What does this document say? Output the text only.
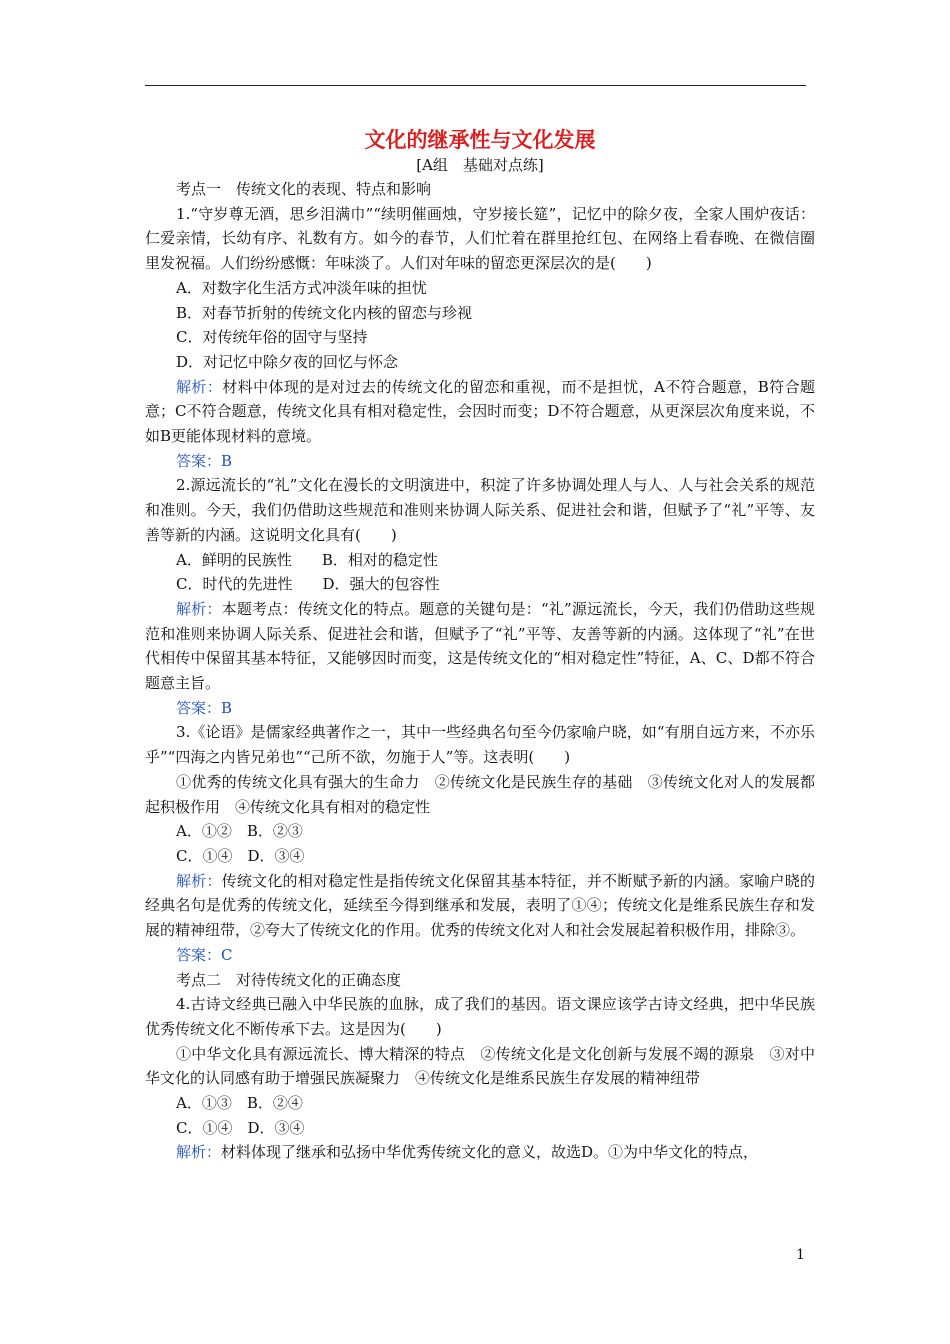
文化的继承性与文化发展
[A组　基础对点练]
考点一　传统文化的表现、特点和影响
1.“守岁尊无酒，思乡泪满巾”“续明催画烛，守岁接长筵”，记忆中的除夕夜，全家人围炉夜话：仁爱亲情，长幼有序、礼数有方。如今的春节，人们忙着在群里抢红包、在网络上看春晚、在微信圈里发祝福。人们纷纷感慨：年味淡了。人们对年味的留恋更深层次的是(　　)
A．对数字化生活方式冲淡年味的担忧
B．对春节折射的传统文化内核的留恋与珍视
C．对传统年俗的固守与坚持
D．对记忆中除夕夜的回忆与怀念
解析：材料中体现的是对过去的传统文化的留恋和重视，而不是担忧，A不符合题意，B符合题意；C不符合题意，传统文化具有相对稳定性，会因时而变；D不符合题意，从更深层次角度来说，不如B更能体现材料的意境。
答案：B
2.源远流长的“礼”文化在漫长的文明演进中，积淀了许多协调处理人与人、人与社会关系的规范和准则。今天，我们仍借助这些规范和准则来协调人际关系、促进社会和谐，但赋予了“礼”平等、友善等新的内涵。这说明文化具有(　　)
A．鲜明的民族性　　B．相对的稳定性
C．时代的先进性　　D．强大的包容性
解析：本题考点：传统文化的特点。题意的关键句是：“礼”源远流长，今天，我们仍借助这些规范和准则来协调人际关系、促进社会和谐，但赋予了“礼”平等、友善等新的内涵。这体现了“礼”在世代相传中保留其基本特征，又能够因时而变，这是传统文化的“相对稳定性”特征，A、C、D都不符合题意主旨。
答案：B
3.《论语》是儒家经典著作之一，其中一些经典名句至今仍家喻户晓，如“有朋自远方来，不亦乐乎”“四海之内皆兄弟也”“己所不欲，勿施于人”等。这表明(　　)
①优秀的传统文化具有强大的生命力　②传统文化是民族生存的基础　③传统文化对人的发展都起积极作用　④传统文化具有相对的稳定性
A．①②　B．②③
C．①④　D．③④
解析：传统文化的相对稳定性是指传统文化保留其基本特征，并不断赋予新的内涵。家喻户晓的经典名句是优秀的传统文化，延续至今得到继承和发展，表明了①④；传统文化是维系民族生存和发展的精神纽带，②夸大了传统文化的作用。优秀的传统文化对人和社会发展起着积极作用，排除③。
答案：C
考点二　对待传统文化的正确态度
4.古诗文经典已融入中华民族的血脉，成了我们的基因。语文课应该学古诗文经典，把中华民族优秀传统文化不断传承下去。这是因为(　　)
①中华文化具有源远流长、博大精深的特点　②传统文化是文化创新与发展不竭的源泉　③对中华文化的认同感有助于增强民族凝聚力　④传统文化是维系民族生存发展的精神纽带
A．①③　B．②④
C．①④　D．③④
解析：材料体现了继承和弘扬中华优秀传统文化的意义，故选D。①为中华文化的特点，
1
